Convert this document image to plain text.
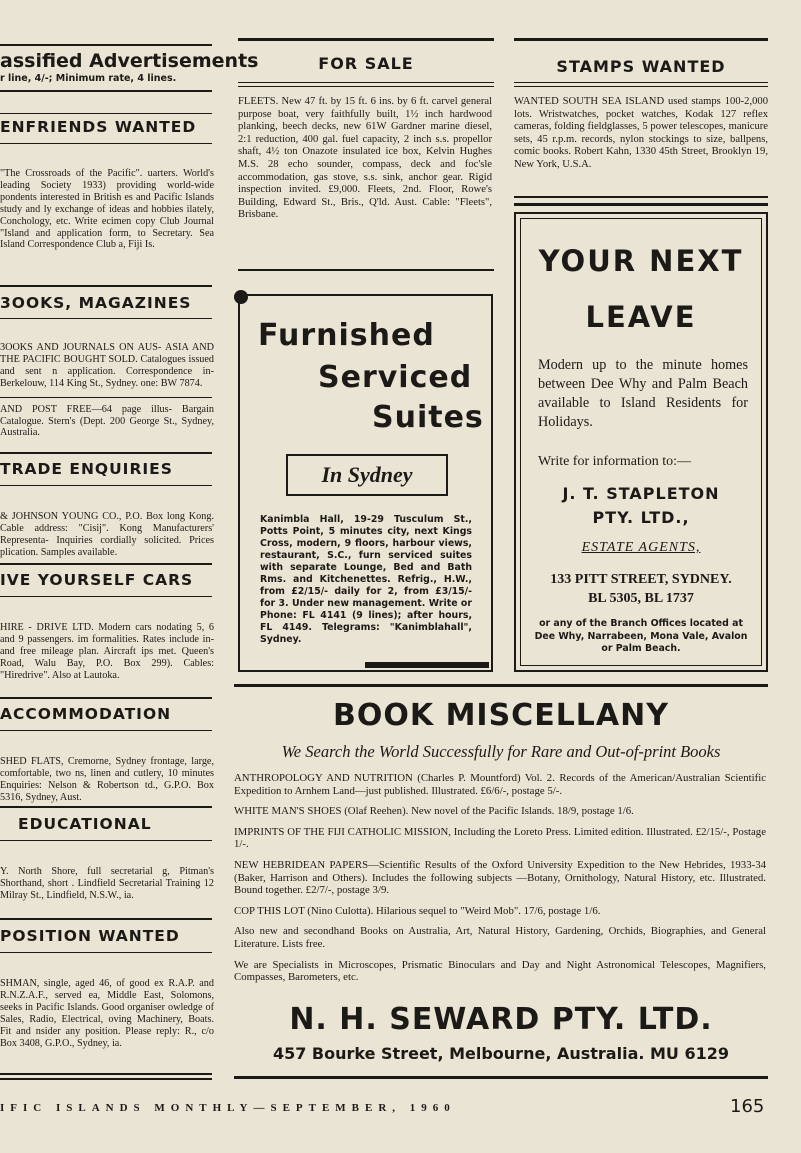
assified Advertisements
r line, 4/-; Minimum rate, 4 lines.
ENFRIENDS WANTED

"The Crossroads of the Pacific". uarters. World's leading Society 1933) providing world-wide pondents interested in British es and Pacific Islands study and ly exchange of ideas and hobbies ilately, Conchology, etc. Write ecimen copy Club Journal "Island and application form, to Secretary. Sea Island Correspondence Club a, Fiji Is.

3OOKS, MAGAZINES

3OOKS AND JOURNALS ON AUS- ASIA AND THE PACIFIC BOUGHT SOLD. Catalogues issued and sent n application. Correspondence in- Berkelouw, 114 King St., Sydney. one: BW 7874.

AND POST FREE—64 page illus- Bargain Catalogue. Stern's (Dept. 200 George St., Sydney, Australia.

TRADE ENQUIRIES

& JOHNSON YOUNG CO., P.O. Box long Kong. Cable address: "Cisij". Kong Manufacturers' Representa- Inquiries cordially solicited. Prices plication. Samples available.

IVE YOURSELF CARS

HIRE - DRIVE LTD. Modern cars nodating 5, 6 and 9 passengers. im formalities. Rates include in- and free mileage plan. Aircraft ips met. Queen's Road, Walu Bay, P.O. Box 299). Cables: "Hiredrive". Also at Lautoka.

ACCOMMODATION

SHED FLATS, Cremorne, Sydney frontage, large, comfortable, two ns, linen and cutlery, 10 minutes Enquiries: Nelson & Robertson td., G.P.O. Box 5316, Sydney, Aust.

EDUCATIONAL

Y. North Shore, full secretarial g, Pitman's Shorthand, short . Lindfield Secretarial Training 12 Milray St., Lindfield, N.S.W., ia.

POSITION WANTED

SHMAN, single, aged 46, of good ex R.A.P. and R.N.Z.A.F., served ea, Middle East, Solomons, seeks in Pacific Islands. Good organiser owledge of Sales, Radio, Electrical, oving Machinery, Boats. Fit and nsider any position. Please reply: R., c/o Box 3408, G.P.O., Sydney, ia.

FOR SALE

FLEETS. New 47 ft. by 15 ft. 6 ins. by 6 ft. carvel general purpose boat, very faithfully built, 1½ inch hardwood planking, beech decks, new 61W Gardner marine diesel, 2:1 reduction, 400 gal. fuel capacity, 2 inch s.s. propellor shaft, 4½ ton Onazote insulated ice box, Kelvin Hughes M.S. 28 echo sounder, compass, deck and foc'sle accommodation, gas stove, s.s. sink, anchor gear. Rigid inspection invited. £9,000. Fleets, 2nd. Floor, Rowe's Building, Edward St., Bris., Q'ld. Aust. Cable: "Fleets", Brisbane.

STAMPS WANTED

WANTED SOUTH SEA ISLAND used stamps 100-2,000 lots. Wristwatches, pocket watches, Kodak 127 reflex cameras, folding fieldglasses, 5 power telescopes, manicure sets, 45 r.p.m. records, nylon stockings to size, ballpens, comic books. Robert Kahn, 1330 45th Street, Brooklyn 19, New York, U.S.A.

Furnished
Serviced
Suites
In Sydney

Kanimbla Hall, 19-29 Tusculum St., Potts Point, 5 minutes city, next Kings Cross, modern, 9 floors, harbour views, restaurant, S.C., furn serviced suites with separate Lounge, Bed and Bath Rms. and Kitchenettes. Refrig., H.W., from £2/15/- daily for 2, from £3/15/- for 3. Under new management. Write or Phone: FL 4141 (9 lines); after hours, FL 4149. Telegrams: "Kanimblahall", Sydney.

YOUR NEXT
LEAVE

Modern up to the minute homes between Dee Why and Palm Beach available to Island Residents for Holidays.

Write for information to:—
J. T. STAPLETON
PTY. LTD.,
ESTATE AGENTS,
133 PITT STREET, SYDNEY.
BL 5305, BL 1737

or any of the Branch Offices located at Dee Why, Narrabeen, Mona Vale, Avalon or Palm Beach.

BOOK MISCELLANY
We Search the World Successfully for Rare and Out-of-print Books

ANTHROPOLOGY AND NUTRITION (Charles P. Mountford) Vol. 2. Records of the American/Australian Scientific Expedition to Arnhem Land—just published. Illustrated. £6/6/-, postage 5/-.

WHITE MAN'S SHOES (Olaf Reehen). New novel of the Pacific Islands. 18/9, postage 1/6.

IMPRINTS OF THE FIJI CATHOLIC MISSION, Including the Loreto Press. Limited edition. Illustrated. £2/15/-, Postage 1/-.

NEW HEBRIDEAN PAPERS—Scientific Results of the Oxford University Expedition to the New Hebrides, 1933-34 (Baker, Harrison and Others). Includes the following subjects —Botany, Ornithology, Natural History, etc. Illustrated. Bound together. £2/7/-, postage 3/9.

COP THIS LOT (Nino Culotta). Hilarious sequel to "Weird Mob". 17/6, postage 1/6.

Also new and secondhand Books on Australia, Art, Natural History, Gardening, Orchids, Biographies, and General Literature. Lists free.

We are Specialists in Microscopes, Prismatic Binoculars and Day and Night Astronomical Telescopes, Magnifiers, Compasses, Barometers, etc.

N. H. SEWARD PTY. LTD.
457 Bourke Street, Melbourne, Australia. MU 6129
IFIC ISLANDS MONTHLY—SEPTEMBER, 1960	165
